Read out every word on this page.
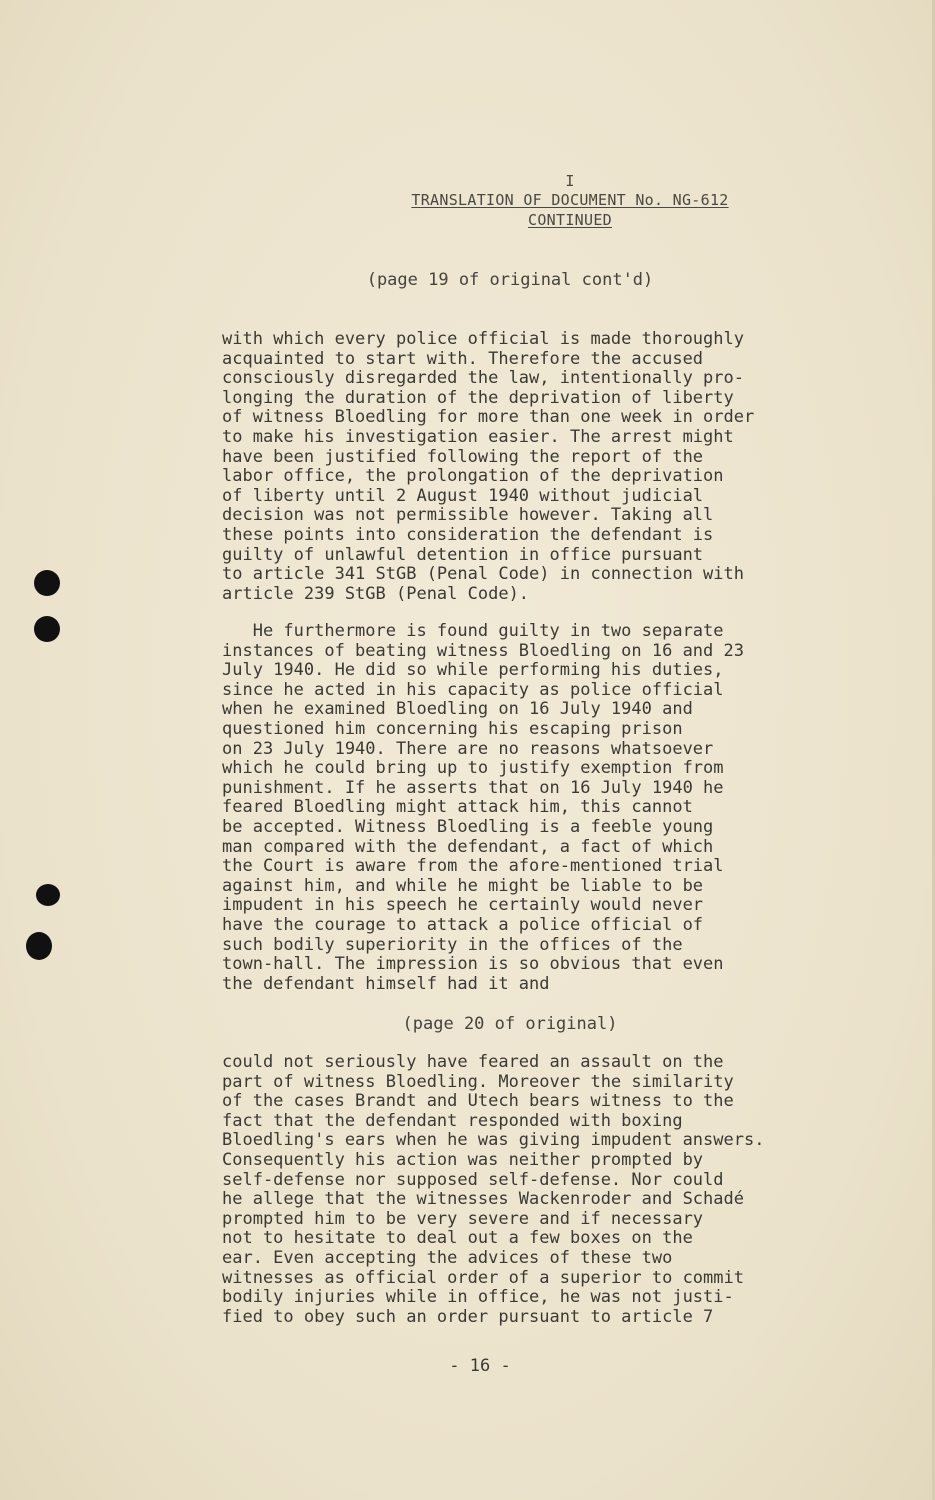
I
TRANSLATION OF DOCUMENT No. NG-612
CONTINUED
(page 19 of original cont'd)
with which every police official is made thoroughly
acquainted to start with. Therefore the accused
consciously disregarded the law, intentionally pro-
longing the duration of the deprivation of liberty
of witness Bloedling for more than one week in order
to make his investigation easier. The arrest might
have been justified following the report of the
labor office, the prolongation of the deprivation
of liberty until 2 August 1940 without judicial
decision was not permissible however. Taking all
these points into consideration the defendant is
guilty of unlawful detention in office pursuant
to article 341 StGB (Penal Code) in connection with
article 239 StGB (Penal Code).
He furthermore is found guilty in two separate
instances of beating witness Bloedling on 16 and 23
July 1940. He did so while performing his duties,
since he acted in his capacity as police official
when he examined Bloedling on 16 July 1940 and
questioned him concerning his escaping prison
on 23 July 1940. There are no reasons whatsoever
which he could bring up to justify exemption from
punishment. If he asserts that on 16 July 1940 he
feared Bloedling might attack him, this cannot
be accepted. Witness Bloedling is a feeble young
man compared with the defendant, a fact of which
the Court is aware from the afore-mentioned trial
against him, and while he might be liable to be
impudent in his speech he certainly would never
have the courage to attack a police official of
such bodily superiority in the offices of the
town-hall. The impression is so obvious that even
the defendant himself had it and
(page 20 of original)
could not seriously have feared an assault on the
part of witness Bloedling. Moreover the similarity
of the cases Brandt and Utech bears witness to the
fact that the defendant responded with boxing
Bloedling's ears when he was giving impudent answers.
Consequently his action was neither prompted by
self-defense nor supposed self-defense. Nor could
he allege that the witnesses Wackenroder and Schadé
prompted him to be very severe and if necessary
not to hesitate to deal out a few boxes on the
ear. Even accepting the advices of these two
witnesses as official order of a superior to commit
bodily injuries while in office, he was not justi-
fied to obey such an order pursuant to article 7
- 16 -
